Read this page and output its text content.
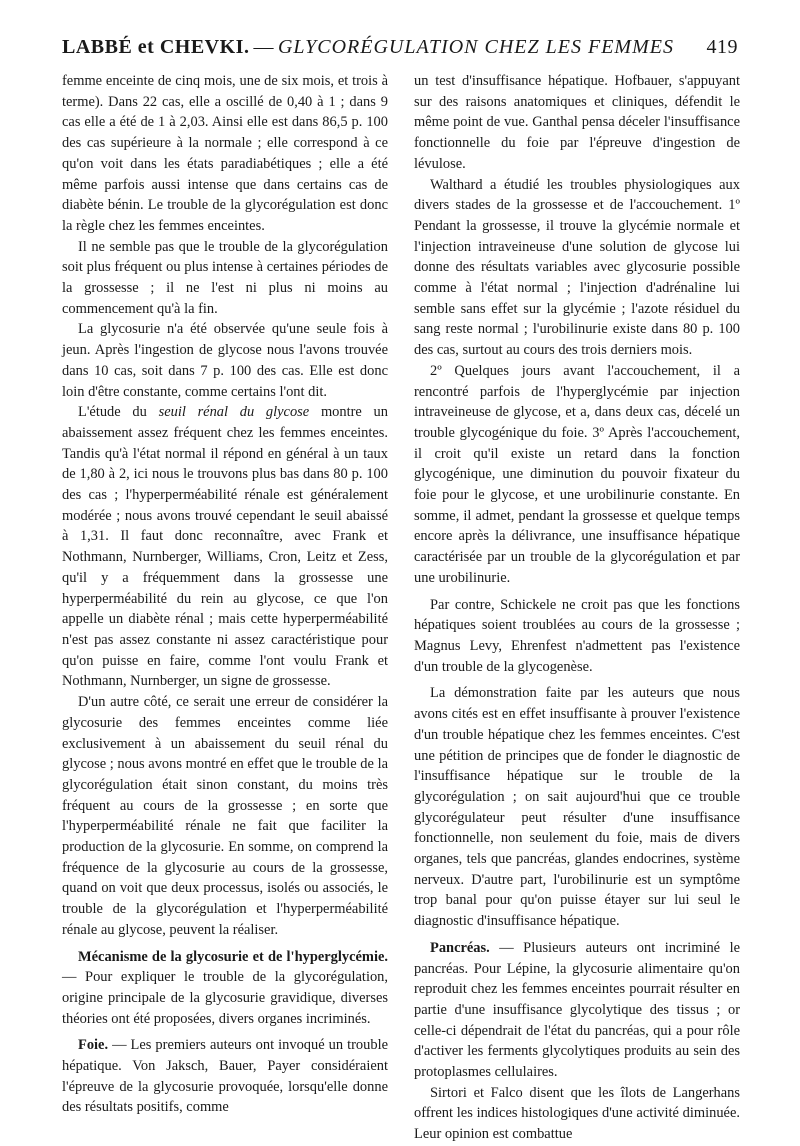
LABBÉ et CHEVKI. — GLYCORÉGULATION CHEZ LES FEMMES	419

femme enceinte de cinq mois, une de six mois, et trois à terme). Dans 22 cas, elle a oscillé de 0,40 à 1 ; dans 9 cas elle a été de 1 à 2,03. Ainsi elle est dans 86,5 p. 100 des cas supérieure à la normale ; elle correspond à ce qu'on voit dans les états paradiabétiques ; elle a été même parfois aussi intense que dans certains cas de diabète bénin. Le trouble de la glycorégulation est donc la règle chez les femmes enceintes.

Il ne semble pas que le trouble de la glycorégulation soit plus fréquent ou plus intense à certaines périodes de la grossesse ; il ne l'est ni plus ni moins au commencement qu'à la fin.

La glycosurie n'a été observée qu'une seule fois à jeun. Après l'ingestion de glycose nous l'avons trouvée dans 10 cas, soit dans 7 p. 100 des cas. Elle est donc loin d'être constante, comme certains l'ont dit.

L'étude du seuil rénal du glycose montre un abaissement assez fréquent chez les femmes enceintes. Tandis qu'à l'état normal il répond en général à un taux de 1,80 à 2, ici nous le trouvons plus bas dans 80 p. 100 des cas ; l'hyperperméabilité rénale est généralement modérée ; nous avons trouvé cependant le seuil abaissé à 1,31. Il faut donc reconnaître, avec Frank et Nothmann, Nurnberger, Williams, Cron, Leitz et Zess, qu'il y a fréquemment dans la grossesse une hyperperméabilité du rein au glycose, ce que l'on appelle un diabète rénal ; mais cette hyperperméabilité n'est pas assez constante ni assez caractéristique pour qu'on puisse en faire, comme l'ont voulu Frank et Nothmann, Nurnberger, un signe de grossesse.

D'un autre côté, ce serait une erreur de considérer la glycosurie des femmes enceintes comme liée exclusivement à un abaissement du seuil rénal du glycose ; nous avons montré en effet que le trouble de la glycorégulation était sinon constant, du moins très fréquent au cours de la grossesse ; en sorte que l'hyperperméabilité rénale ne fait que faciliter la production de la glycosurie. En somme, on comprend la fréquence de la glycosurie au cours de la grossesse, quand on voit que deux processus, isolés ou associés, le trouble de la glycorégulation et l'hyperperméabilité rénale au glycose, peuvent la réaliser.

Mécanisme de la glycosurie et de l'hyperglycémie. — Pour expliquer le trouble de la glycorégulation, origine principale de la glycosurie gravidique, diverses théories ont été proposées, divers organes incriminés.

Foie. — Les premiers auteurs ont invoqué un trouble hépatique. Von Jaksch, Bauer, Payer considéraient l'épreuve de la glycosurie provoquée, lorsqu'elle donne des résultats positifs, comme

un test d'insuffisance hépatique. Hofbauer, s'appuyant sur des raisons anatomiques et cliniques, défendit le même point de vue. Ganthal pensa déceler l'insuffisance fonctionnelle du foie par l'épreuve d'ingestion de lévulose.

Walthard a étudié les troubles physiologiques aux divers stades de la grossesse et de l'accouchement. 1º Pendant la grossesse, il trouve la glycémie normale et l'injection intraveineuse d'une solution de glycose lui donne des résultats variables avec glycosurie possible comme à l'état normal ; l'injection d'adrénaline lui semble sans effet sur la glycémie ; l'azote résiduel du sang reste normal ; l'urobilinurie existe dans 80 p. 100 des cas, surtout au cours des trois derniers mois.

2º Quelques jours avant l'accouchement, il a rencontré parfois de l'hyperglycémie par injection intraveineuse de glycose, et a, dans deux cas, décelé un trouble glycogénique du foie. 3º Après l'accouchement, il croit qu'il existe un retard dans la fonction glycogénique, une diminution du pouvoir fixateur du foie pour le glycose, et une urobilinurie constante. En somme, il admet, pendant la grossesse et quelque temps encore après la délivrance, une insuffisance hépatique caractérisée par un trouble de la glycorégulation et par une urobilinurie.

Par contre, Schickele ne croit pas que les fonctions hépatiques soient troublées au cours de la grossesse ; Magnus Levy, Ehrenfest n'admettent pas l'existence d'un trouble de la glycogenèse.

La démonstration faite par les auteurs que nous avons cités est en effet insuffisante à prouver l'existence d'un trouble hépatique chez les femmes enceintes. C'est une pétition de principes que de fonder le diagnostic de l'insuffisance hépatique sur le trouble de la glycorégulation ; on sait aujourd'hui que ce trouble glycorégulateur peut résulter d'une insuffisance fonctionnelle, non seulement du foie, mais de divers organes, tels que pancréas, glandes endocrines, système nerveux. D'autre part, l'urobilinurie est un symptôme trop banal pour qu'on puisse étayer sur lui seul le diagnostic d'insuffisance hépatique.

Pancréas. — Plusieurs auteurs ont incriminé le pancréas. Pour Lépine, la glycosurie alimentaire qu'on reproduit chez les femmes enceintes pourrait résulter en partie d'une insuffisance glycolytique des tissus ; or celle-ci dépendrait de l'état du pancréas, qui a pour rôle d'activer les ferments glycolytiques produits au sein des protoplasmes cellulaires.

Sirtori et Falco disent que les îlots de Langerhans offrent les indices histologiques d'une activité diminuée. Leur opinion est combattue
